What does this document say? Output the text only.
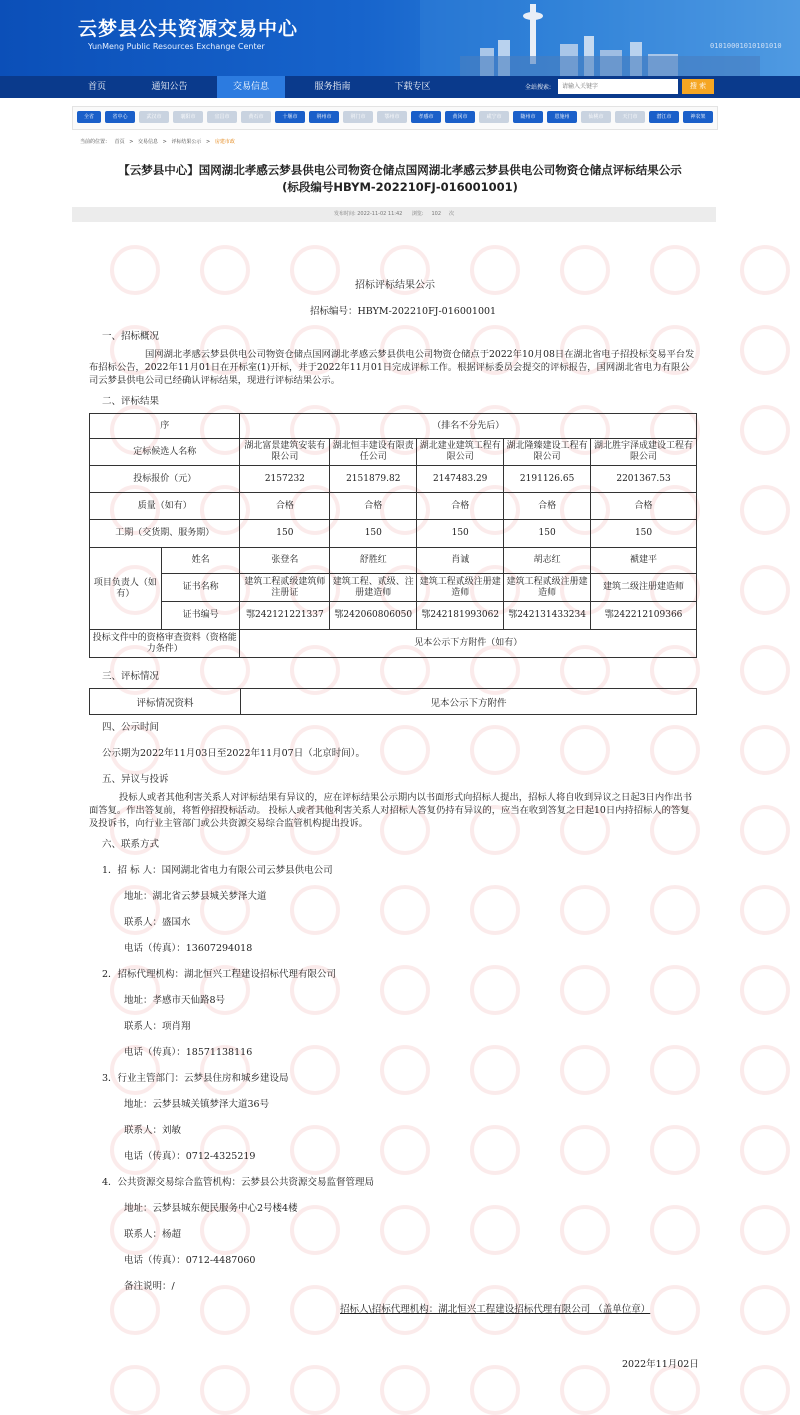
云梦县公共资源交易中心
YunMeng Public Resources Exchange Center	01010001010101010
首页	通知公告	交易信息	服务指南	下载专区	全站搜索:
请输入关键字	搜 索
全省	省中心	武汉市	襄阳市	宜昌市	黄石市	十堰市	荆州市	荆门市	鄂州市	孝感市	黄冈市	咸宁市	随州市	恩施州	仙桃市	天门市	潜江市	神农架
当前的位置： 首页 > 交易信息 > 评标结果公示 > 房建市政
【云梦县中心】国网湖北孝感云梦县供电公司物资仓储点国网湖北孝感云梦县供电公司物资仓储点评标结果公示(标段编号HBYM-202210FJ-016001001)
发布时间: 2022-11-02 11:42 浏览: 102 次
招标评标结果公示
招标编号：HBYM-202210FJ-016001001
一、招标概况
国网湖北孝感云梦县供电公司物资仓储点国网湖北孝感云梦县供电公司物资仓储点于2022年10月08日在湖北省电子招投标交易平台发布招标公告，2022年11月01日在开标室(1)开标，并于2022年11月01日完成评标工作。根据评标委员会提交的评标报告，国网湖北省电力有限公司云梦县供电公司已经确认评标结果，现进行评标结果公示。
二、评标结果
序		（排名不分先后）				
定标候选人名称		湖北富景建筑安装有限公司	湖北恒丰建设有限责任公司	湖北建业建筑工程有限公司	湖北隆臻建设工程有限公司	湖北胜宇泽成建设工程有限公司
投标报价（元）		2157232	2151879.82	2147483.29	2191126.65	2201367.53
质量（如有）		合格	合格	合格	合格	合格
工期（交货期、服务期）		150	150	150	150	150
项目负责人（如有）	姓名	张登名	舒胜红	肖诚	胡志红	褫建平
	证书名称	建筑工程贰级建筑师注册证	建筑工程、贰级、注册建造师	建筑工程贰级注册建造师	建筑工程贰级注册建造师	建筑二级注册建造师
	证书编号	鄂242121221337	鄂242060806050	鄂242181993062	鄂242131433234	鄂242212109366
投标文件中的资格审查资料（资格能力条件）		见本公示下方附件（如有）				
三、评标情况
评标情况资料	见本公示下方附件
四、公示时间
公示期为2022年11月03日至2022年11月07日（北京时间）。
五、异议与投诉
投标人或者其他利害关系人对评标结果有异议的，应在评标结果公示期内以书面形式向招标人提出，招标人将自收到异议之日起3日内作出书面答复。作出答复前，将暂停招投标活动。 投标人或者其他利害关系人对招标人答复仍持有异议的，应当在收到答复之日起10日内持招标人的答复及投诉书，向行业主管部门或公共资源交易综合监管机构提出投诉。
六、联系方式
1．招 标 人：国网湖北省电力有限公司云梦县供电公司
地址：湖北省云梦县城关梦泽大道
联系人：盛国水
电话（传真）：13607294018
2．招标代理机构：湖北恒兴工程建设招标代理有限公司
地址：孝感市天仙路8号
联系人：项肖翔
电话（传真）：18571138116
3．行业主管部门：云梦县住房和城乡建设局
地址：云梦县城关镇梦泽大道36号
联系人：刘敏
电话（传真）：0712-4325219
4．公共资源交易综合监管机构：云梦县公共资源交易监督管理局
地址：云梦县城东便民服务中心2号楼4楼
联系人：杨超
电话（传真）：0712-4487060
备注说明：/
招标人\招标代理机构：湖北恒兴工程建设招标代理有限公司 （盖单位章）
2022年11月02日
